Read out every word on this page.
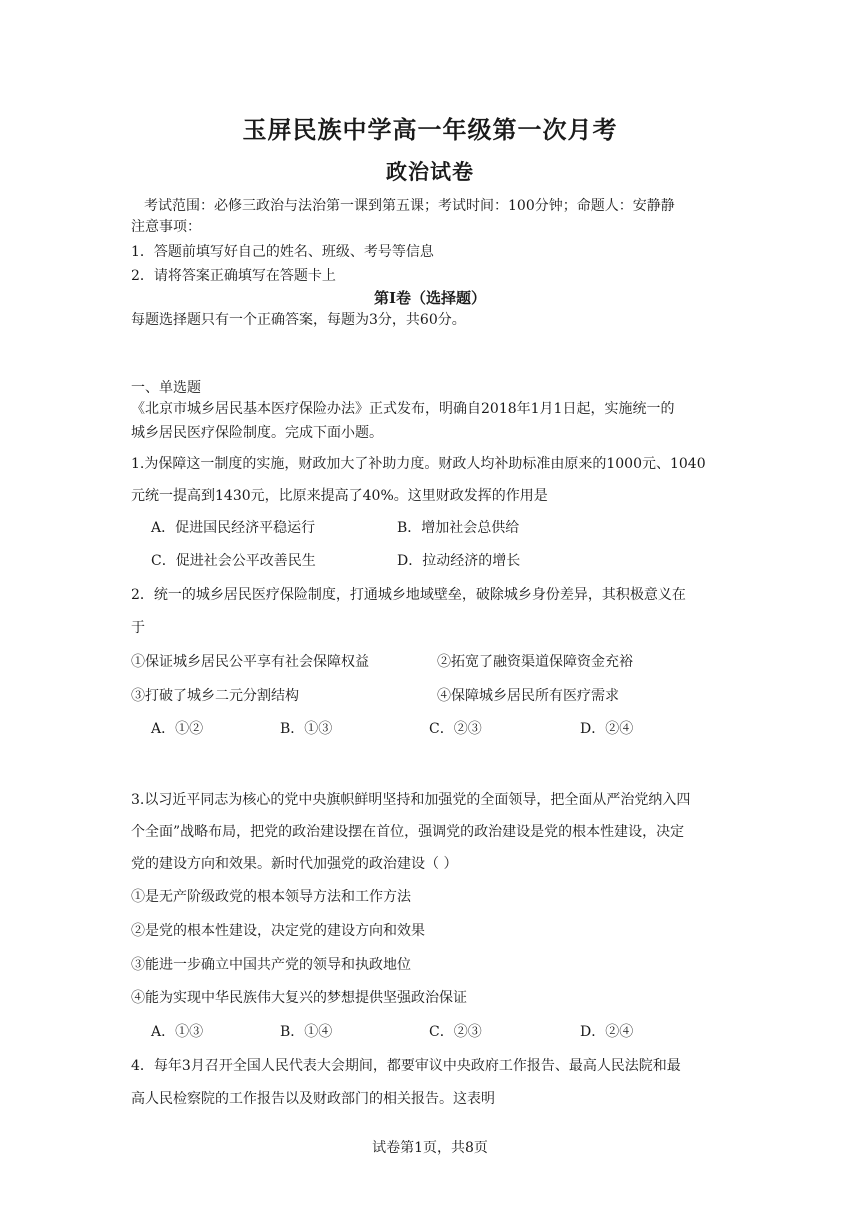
玉屏民族中学高一年级第一次月考
政治试卷
考试范围：必修三政治与法治第一课到第五课；考试时间：100分钟；命题人：安静静
注意事项：
1．答题前填写好自己的姓名、班级、考号等信息
2．请将答案正确填写在答题卡上
第Ⅰ卷（选择题）
每题选择题只有一个正确答案，每题为3分，共60分。
一、单选题
《北京市城乡居民基本医疗保险办法》正式发布，明确自2018年1月1日起，实施统一的
城乡居民医疗保险制度。完成下面小题。
1.为保障这一制度的实施，财政加大了补助力度。财政人均补助标准由原来的1000元、1040
元统一提高到1430元，比原来提高了40%。这里财政发挥的作用是
A．促进国民经济平稳运行	B．增加社会总供给
C．促进社会公平改善民生	D．拉动经济的增长
2．统一的城乡居民医疗保险制度，打通城乡地域壁垒，破除城乡身份差异，其积极意义在
于
①保证城乡居民公平享有社会保障权益	②拓宽了融资渠道保障资金充裕
③打破了城乡二元分割结构	④保障城乡居民所有医疗需求
A．①②	B．①③	C．②③	D．②④
3.以习近平同志为核心的党中央旗帜鲜明坚持和加强党的全面领导，把全面从严治党纳入四
个全面”战略布局，把党的政治建设摆在首位，强调党的政治建设是党的根本性建设，决定
党的建设方向和效果。新时代加强党的政治建设（ ）
①是无产阶级政党的根本领导方法和工作方法
②是党的根本性建设，决定党的建设方向和效果
③能进一步确立中国共产党的领导和执政地位
④能为实现中华民族伟大复兴的梦想提供坚强政治保证
A．①③	B．①④	C．②③	D．②④
4．每年3月召开全国人民代表大会期间，都要审议中央政府工作报告、最高人民法院和最
高人民检察院的工作报告以及财政部门的相关报告。这表明
试卷第1页，共8页
